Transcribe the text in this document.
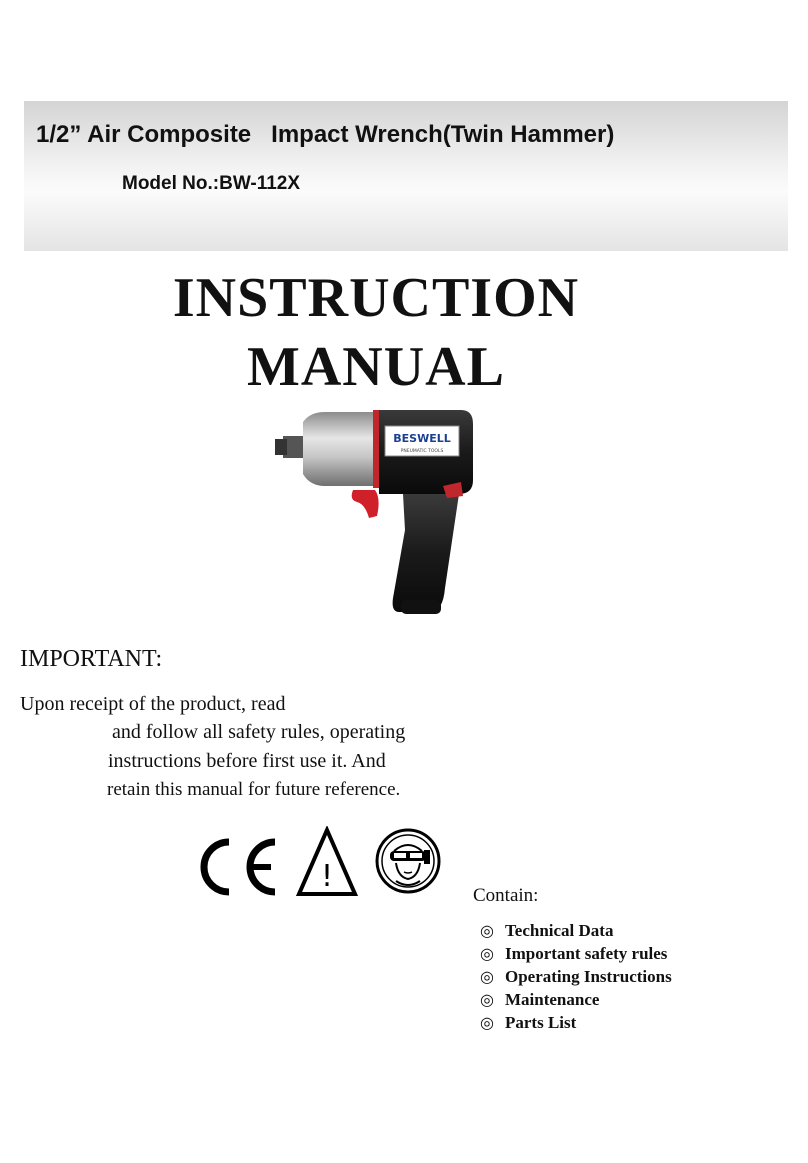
1/2” Air Composite   Impact Wrench(Twin Hammer)
Model No.:BW-112X
INSTRUCTION
MANUAL
BESWELL
PNEUMATIC TOOLS
IMPORTANT:
Upon receipt of the product, read
and follow all safety rules, operating
instructions before first use it. And
retain this manual for future reference.
!
Contain:
◎ Technical Data
◎ Important safety rules
◎ Operating Instructions
◎ Maintenance
◎ Parts List
